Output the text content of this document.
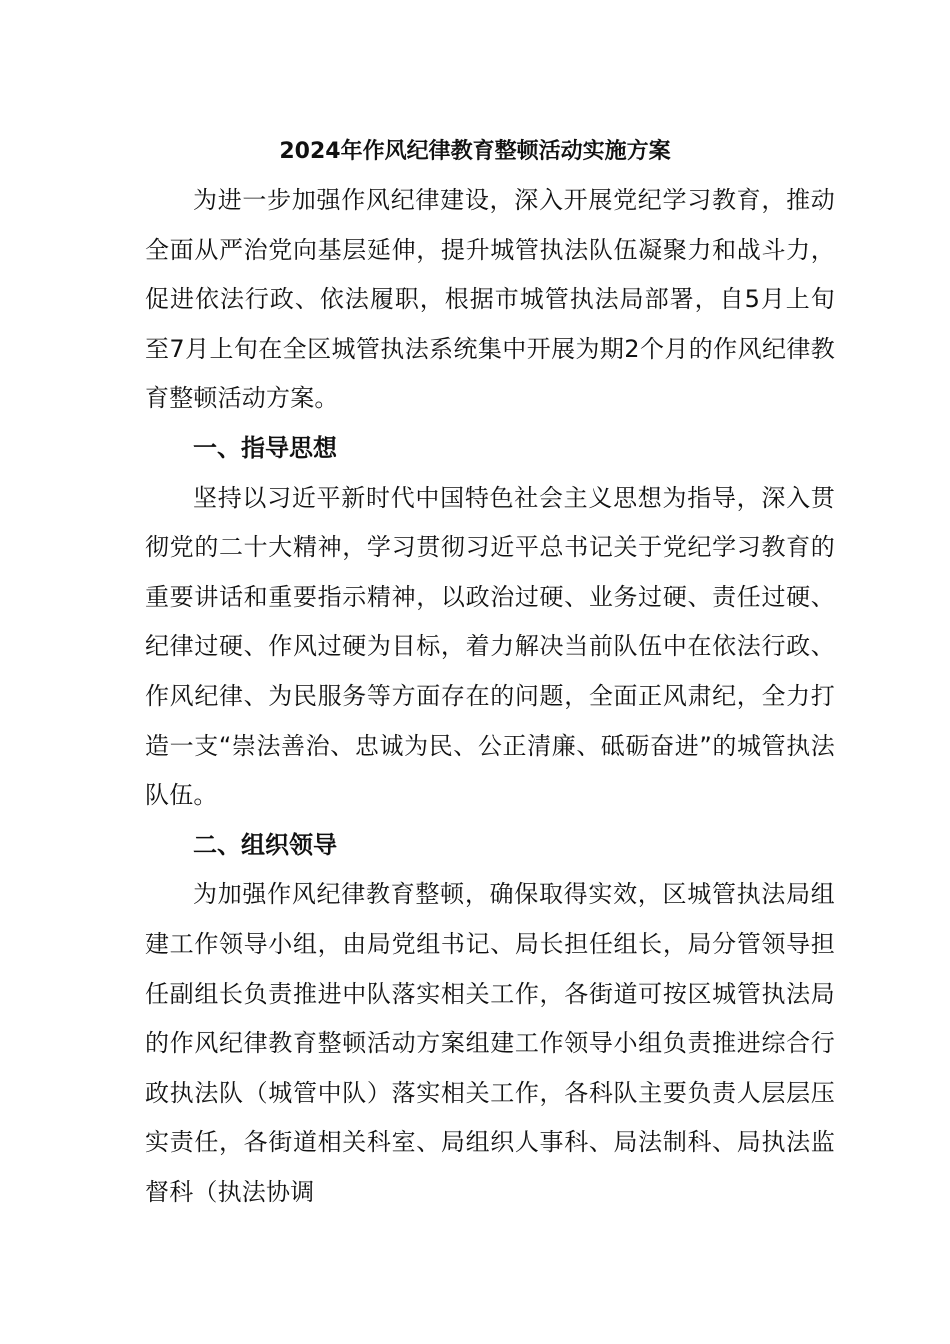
2024年作风纪律教育整顿活动实施方案

为进一步加强作风纪律建设，深入开展党纪学习教育，推动全面从严治党向基层延伸，提升城管执法队伍凝聚力和战斗力，促进依法行政、依法履职，根据市城管执法局部署，自5月上旬至7月上旬在全区城管执法系统集中开展为期2个月的作风纪律教育整顿活动方案。

一、指导思想

坚持以习近平新时代中国特色社会主义思想为指导，深入贯彻党的二十大精神，学习贯彻习近平总书记关于党纪学习教育的重要讲话和重要指示精神，以政治过硬、业务过硬、责任过硬、纪律过硬、作风过硬为目标，着力解决当前队伍中在依法行政、作风纪律、为民服务等方面存在的问题，全面正风肃纪，全力打造一支“崇法善治、忠诚为民、公正清廉、砥砺奋进”的城管执法队伍。

二、组织领导

为加强作风纪律教育整顿，确保取得实效，区城管执法局组建工作领导小组，由局党组书记、局长担任组长，局分管领导担任副组长负责推进中队落实相关工作，各街道可按区城管执法局的作风纪律教育整顿活动方案组建工作领导小组负责推进综合行政执法队（城管中队）落实相关工作，各科队主要负责人层层压实责任，各街道相关科室、局组织人事科、局法制科、局执法监督科（执法协调
